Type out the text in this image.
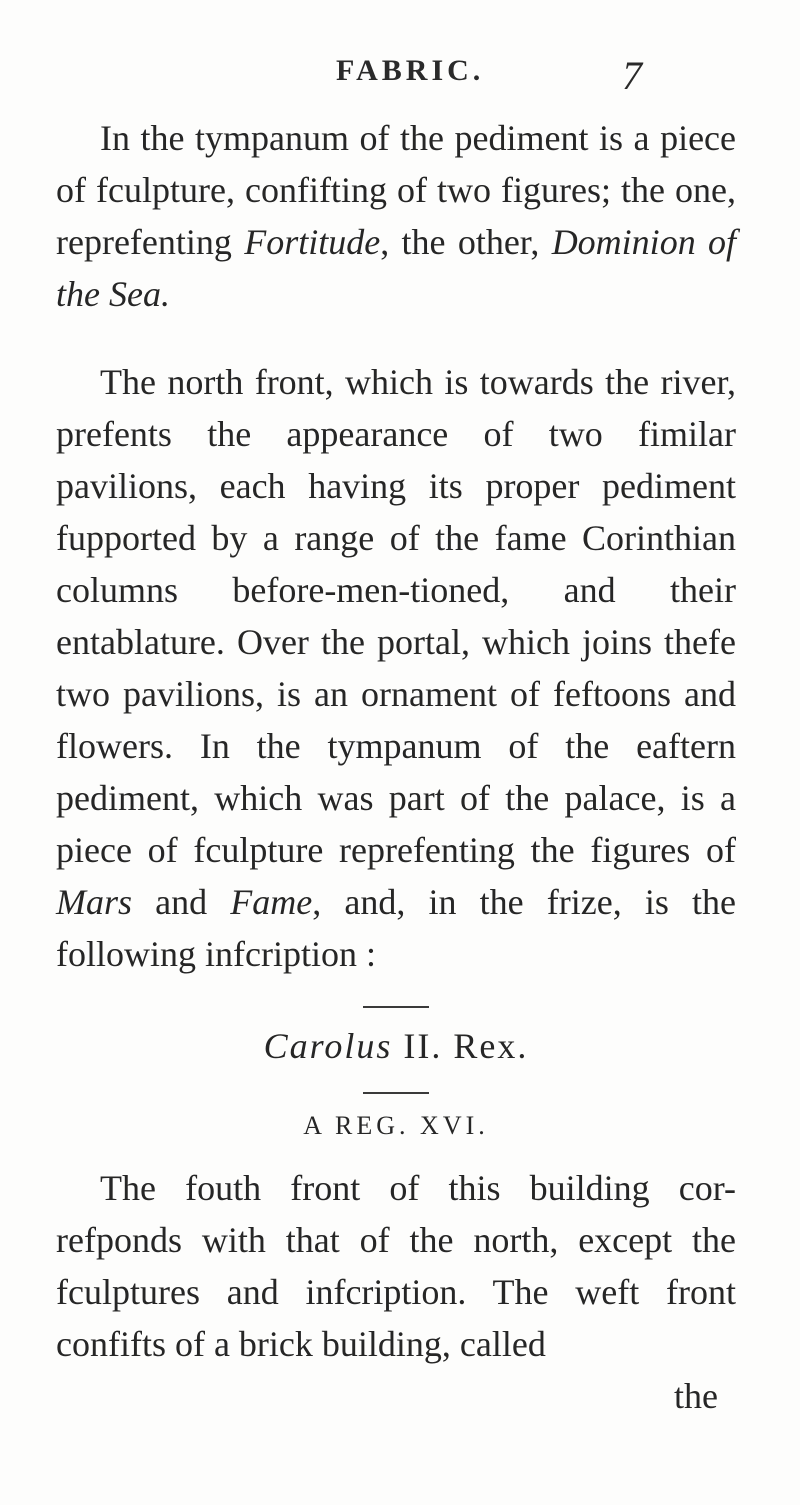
FABRIC.	7

In the tympanum of the pediment is a piece of fculpture, confifting of two figures; the one, reprefenting Fortitude, the other, Dominion of the Sea.

The north front, which is towards the river, prefents the appearance of two fimilar pavilions, each having its proper pediment fupported by a range of the fame Corinthian columns before-men-tioned, and their entablature. Over the portal, which joins thefe two pavilions, is an ornament of feftoons and flowers. In the tympanum of the eaftern pediment, which was part of the palace, is a piece of fculpture reprefenting the figures of Mars and Fame, and, in the frize, is the following infcription :

Carolus II. Rex.

A REG. XVI.

The fouth front of this building cor-refponds with that of the north, except the fculptures and infcription. The weft front confifts of a brick building, called

the
